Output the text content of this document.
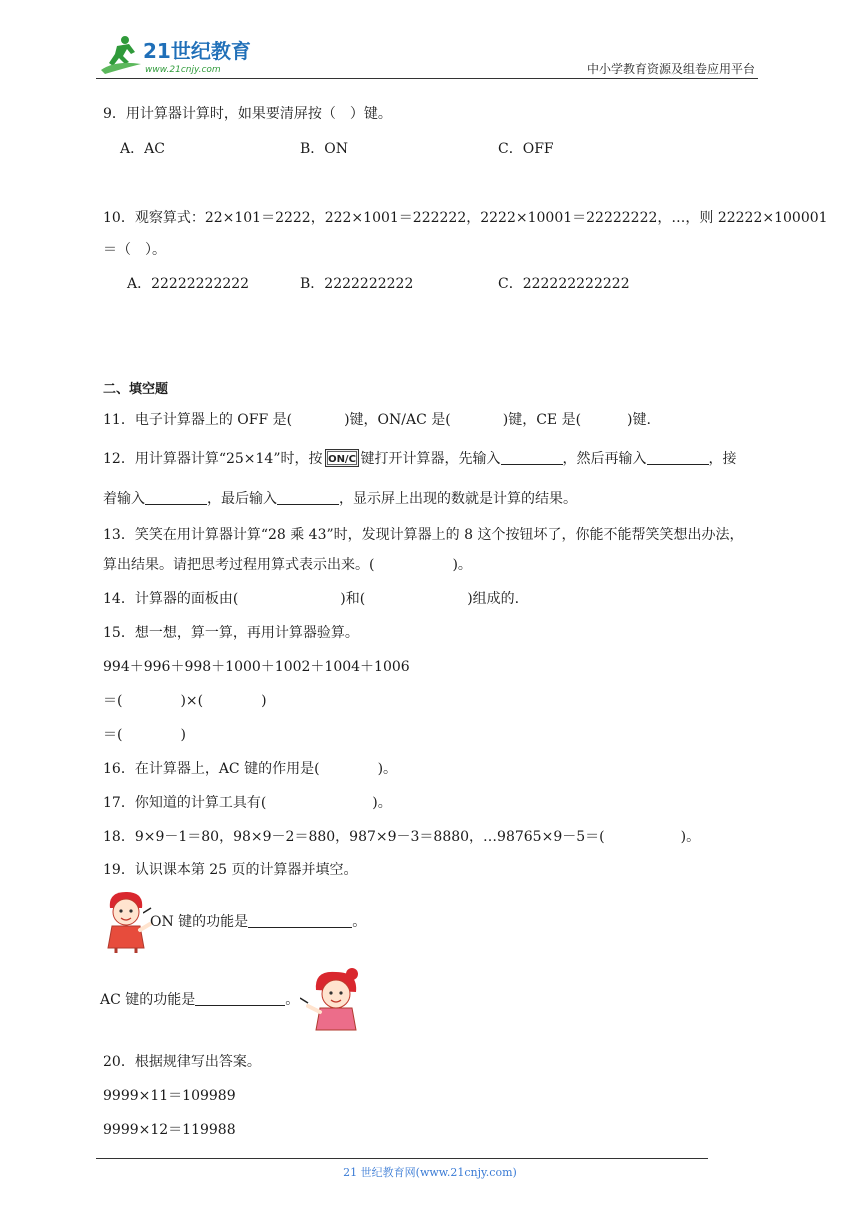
21世纪教育
www.21cnjy.com	中小学教育资源及组卷应用平台
9．用计算器计算时，如果要清屏按（　）键。
A．AC	B．ON	C．OFF
10．观察算式：22×101＝2222，222×1001＝222222，2222×10001＝22222222，…，则 22222×100001
＝（　）。
A．22222222222	B．2222222222	C．222222222222
二、填空题
11．电子计算器上的 OFF 是(	)键，ON/AC 是(	)键，CE 是(	)键.
12．用计算器计算“25×14”时，按 ON/C 键打开计算器，先输入	，然后再输入	，接
着输入	，最后输入	，显示屏上出现的数就是计算的结果。
13．笑笑在用计算器计算“28 乘 43”时，发现计算器上的 8 这个按钮坏了，你能不能帮笑笑想出办法，
算出结果。请把思考过程用算式表示出来。(	)。
14．计算器的面板由(	)和(	)组成的.
15．想一想，算一算，再用计算器验算。
994＋996＋998＋1000＋1002＋1004＋1006
＝(	)×(	)
＝(	)
16．在计算器上，AC 键的作用是(	)。
17．你知道的计算工具有(	)。
18．9×9－1＝80，98×9－2＝880，987×9－3＝8880，…98765×9－5＝(	)。
19．认识课本第 25 页的计算器并填空。
ON 键的功能是	。
AC 键的功能是	。
20．根据规律写出答案。
9999×11＝109989
9999×12＝119988
21 世纪教育网(www.21cnjy.com)
